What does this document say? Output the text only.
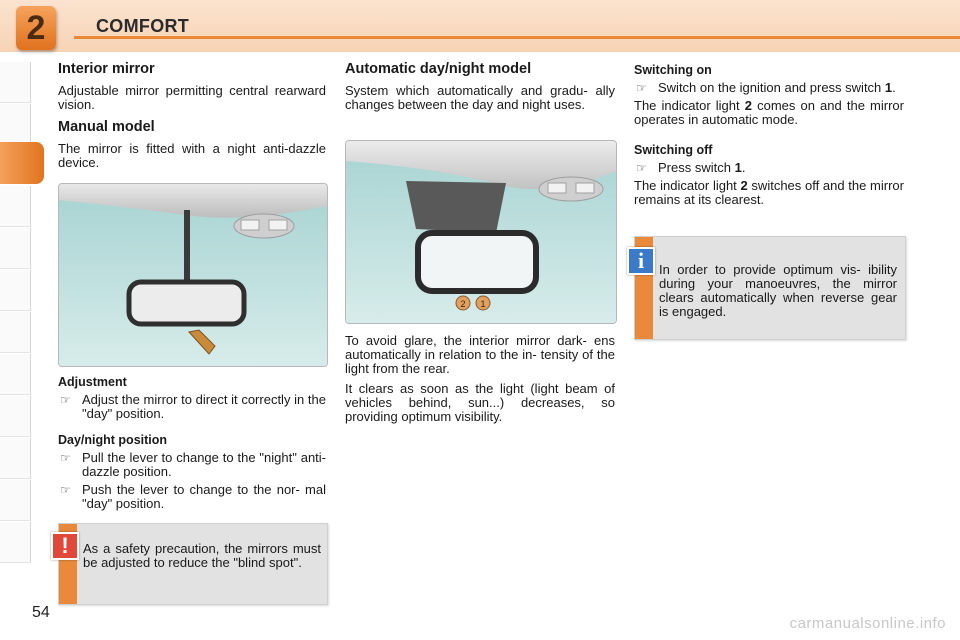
2	COMFORT
Interior mirror
Adjustable mirror permitting central rearward vision.
Manual model
The mirror is fitted with a night anti-dazzle device.
Adjustment
☞ Adjust the mirror to direct it correctly in the "day" position.
Day/night position
☞ Pull the lever to change to the "night" anti-dazzle position.
☞ Push the lever to change to the nor- mal "day" position.
!	As a safety precaution, the mirrors must be adjusted to reduce the "blind spot".
Automatic day/night model
System which automatically and gradu- ally changes between the day and night uses.
2 1
To avoid glare, the interior mirror dark- ens automatically in relation to the in- tensity of the light from the rear.
It clears as soon as the light (light beam of vehicles behind, sun...) decreases, so providing optimum visibility.
Switching on
☞ Switch on the ignition and press switch 1.
The indicator light 2 comes on and the mirror operates in automatic mode.
Switching off
☞ Press switch 1.
The indicator light 2 switches off and the mirror remains at its clearest.
i	In order to provide optimum vis- ibility during your manoeuvres, the mirror clears automatically when reverse gear is engaged.
54
carmanualsonline.info
